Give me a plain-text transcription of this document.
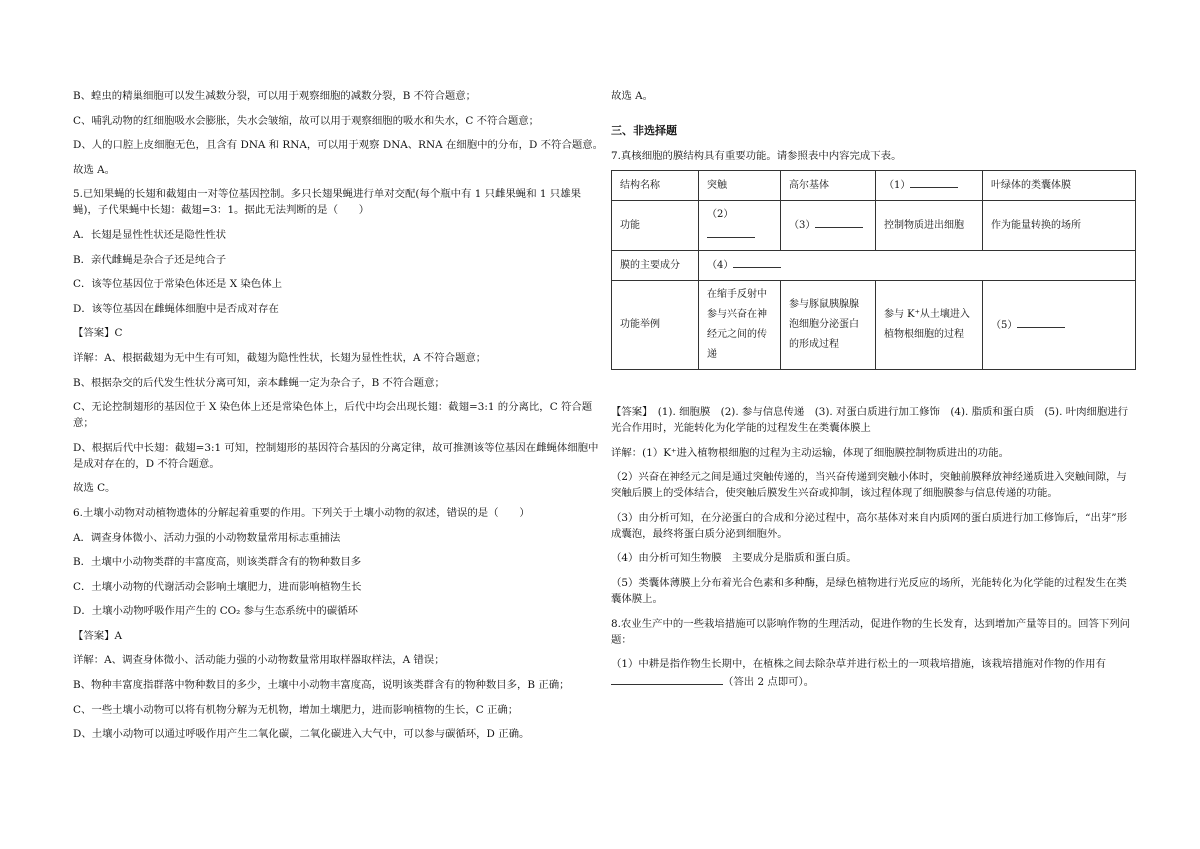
B、蝗虫的精巢细胞可以发生减数分裂，可以用于观察细胞的减数分裂，B 不符合题意；

C、哺乳动物的红细胞吸水会膨胀，失水会皱缩，故可以用于观察细胞的吸水和失水，C 不符合题意；

D、人的口腔上皮细胞无色，且含有 DNA 和 RNA，可以用于观察 DNA、RNA 在细胞中的分布，D 不符合题意。

故选 A。

5.已知果蝇的长翅和截翅由一对等位基因控制。多只长翅果蝇进行单对交配(每个瓶中有 1 只雌果蝇和 1 只雄果蝇)，子代果蝇中长翅：截翅=3：1。据此无法判断的是（　　）

A．长翅是显性性状还是隐性性状

B．亲代雌蝇是杂合子还是纯合子

C．该等位基因位于常染色体还是 X 染色体上

D．该等位基因在雌蝇体细胞中是否成对存在

【答案】C

详解：A、根据截翅为无中生有可知，截翅为隐性性状，长翅为显性性状，A 不符合题意；

B、根据杂交的后代发生性状分离可知，亲本雌蝇一定为杂合子，B 不符合题意；

C、无论控制翅形的基因位于 X 染色体上还是常染色体上，后代中均会出现长翅：截翅=3:1 的分离比，C 符合题意；

D、根据后代中长翅：截翅=3:1 可知，控制翅形的基因符合基因的分离定律，故可推测该等位基因在雌蝇体细胞中是成对存在的，D 不符合题意。

故选 C。

6.土壤小动物对动植物遗体的分解起着重要的作用。下列关于土壤小动物的叙述，错误的是（　　）

A．调查身体微小、活动力强的小动物数量常用标志重捕法

B．土壤中小动物类群的丰富度高，则该类群含有的物种数目多

C．土壤小动物的代谢活动会影响土壤肥力，进而影响植物生长

D．土壤小动物呼吸作用产生的 CO₂ 参与生态系统中的碳循环

【答案】A

详解：A、调查身体微小、活动能力强的小动物数量常用取样器取样法，A 错误；

B、物种丰富度指群落中物种数目的多少，土壤中小动物丰富度高，说明该类群含有的物种数目多，B 正确；

C、一些土壤小动物可以将有机物分解为无机物，增加土壤肥力，进而影响植物的生长，C 正确；

D、土壤小动物可以通过呼吸作用产生二氧化碳，二氧化碳进入大气中，可以参与碳循环，D 正确。

故选 A。

三、非选择题

7.真核细胞的膜结构具有重要功能。请参照表中内容完成下表。

结构名称	突触	高尔基体	（1）	叶绿体的类囊体膜
功能	（2）	（3）	控制物质进出细胞	作为能量转换的场所
膜的主要成分	（4）			
功能举例	在缩手反射中参与兴奋在神经元之间的传递	参与豚鼠胰腺腺泡细胞分泌蛋白的形成过程	参与 K⁺从土壤进入植物根细胞的过程	（5）

【答案】　(1). 细胞膜　(2). 参与信息传递　(3). 对蛋白质进行加工修饰　(4). 脂质和蛋白质　(5). 叶肉细胞进行光合作用时，光能转化为化学能的过程发生在类囊体膜上

详解：(1）K⁺进入植物根细胞的过程为主动运输，体现了细胞膜控制物质进出的功能。

（2）兴奋在神经元之间是通过突触传递的，当兴奋传递到突触小体时，突触前膜释放神经递质进入突触间隙，与突触后膜上的受体结合，使突触后膜发生兴奋或抑制，该过程体现了细胞膜参与信息传递的功能。

（3）由分析可知，在分泌蛋白的合成和分泌过程中，高尔基体对来自内质网的蛋白质进行加工修饰后，“出芽”形成囊泡，最终将蛋白质分泌到细胞外。

（4）由分析可知生物膜　主要成分是脂质和蛋白质。

（5）类囊体薄膜上分布着光合色素和多种酶，是绿色植物进行光反应的场所，光能转化为化学能的过程发生在类囊体膜上。

8.农业生产中的一些栽培措施可以影响作物的生理活动，促进作物的生长发育，达到增加产量等目的。回答下列问题：

（1）中耕是指作物生长期中，在植株之间去除杂草并进行松土的一项栽培措施，该栽培措施对作物的作用有
（答出 2 点即可）。
